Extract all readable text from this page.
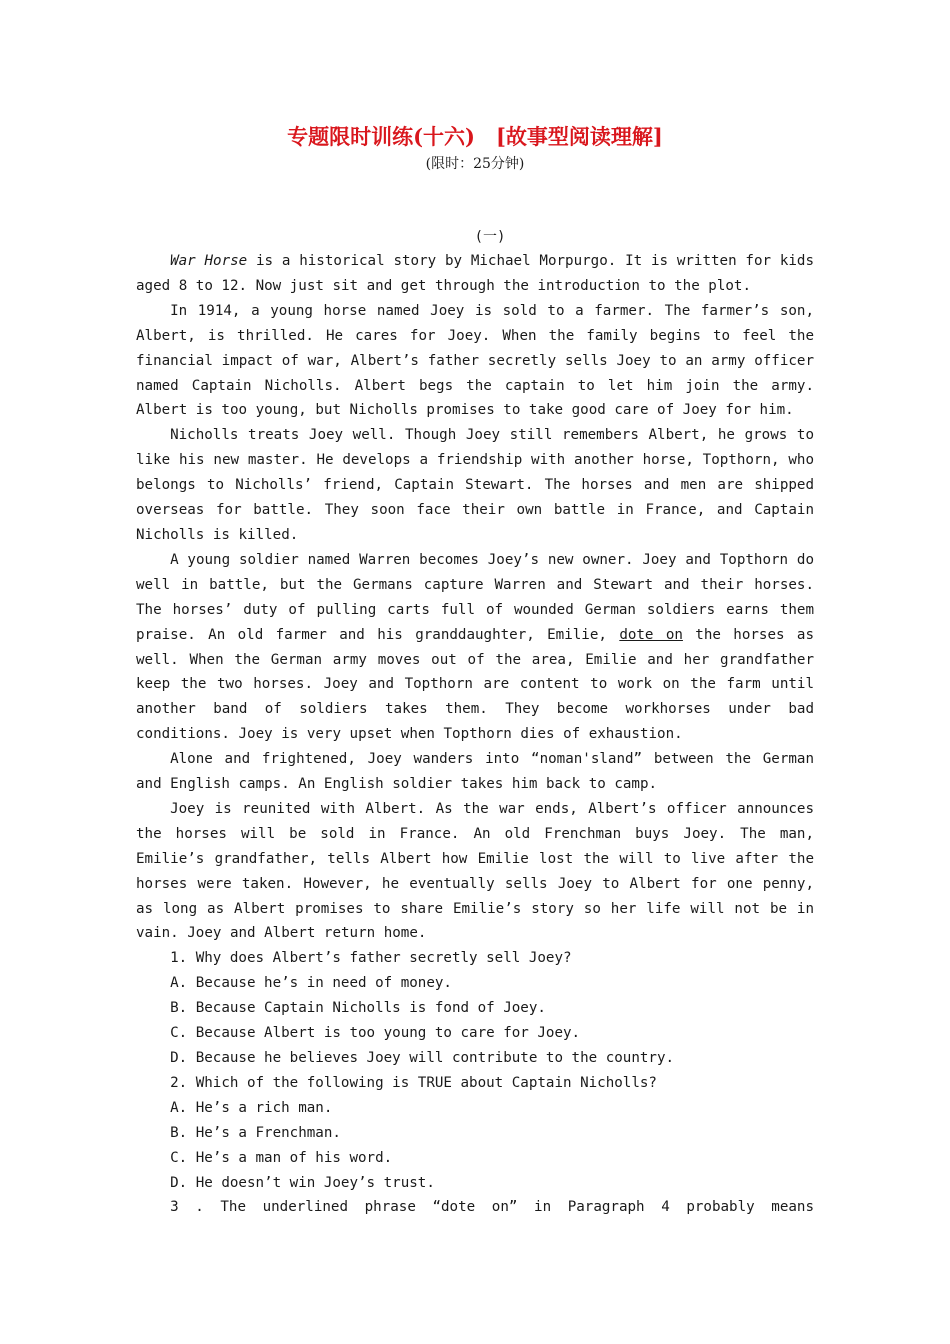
专题限时训练(十六)　[故事型阅读理解]
(限时：25分钟)
(一)

War Horse is a historical story by Michael Morpurgo. It is written for kids aged 8 to 12. Now just sit and get through the introduction to the plot.

In 1914, a young horse named Joey is sold to a farmer. The farmer’s son, Albert, is thrilled. He cares for Joey. When the family begins to feel the financial impact of war, Albert’s father secretly sells Joey to an army officer named Captain Nicholls. Albert begs the captain to let him join the army. Albert is too young, but Nicholls promises to take good care of Joey for him.

Nicholls treats Joey well. Though Joey still remembers Albert, he grows to like his new master. He develops a friendship with another horse, Topthorn, who belongs to Nicholls’ friend, Captain Stewart. The horses and men are shipped overseas for battle. They soon face their own battle in France, and Captain Nicholls is killed.

A young soldier named Warren becomes Joey’s new owner. Joey and Topthorn do well in battle, but the Germans capture Warren and Stewart and their horses. The horses’ duty of pulling carts full of wounded German soldiers earns them praise. An old farmer and his granddaughter, Emilie, dote on the horses as well. When the German army moves out of the area, Emilie and her grandfather keep the two horses. Joey and Topthorn are content to work on the farm until another band of soldiers takes them. They become workhorses under bad conditions. Joey is very upset when Topthorn dies of exhaustion.

Alone and frightened, Joey wanders into “noman'sland” between the German and English camps. An English soldier takes him back to camp.

Joey is reunited with Albert. As the war ends, Albert’s officer announces the horses will be sold in France. An old Frenchman buys Joey. The man, Emilie’s grandfather, tells Albert how Emilie lost the will to live after the horses were taken. However, he eventually sells Joey to Albert for one penny, as long as Albert promises to share Emilie’s story so her life will not be in vain. Joey and Albert return home.

1. Why does Albert’s father secretly sell Joey?

A. Because he’s in need of money.

B. Because Captain Nicholls is fond of Joey.

C. Because Albert is too young to care for Joey.

D. Because he believes Joey will contribute to the country.

2. Which of the following is TRUE about Captain Nicholls?

A. He’s a rich man.

B. He’s a Frenchman.

C. He’s a man of his word.

D. He doesn’t win Joey’s trust.

3 . The underlined phrase “dote on” in Paragraph 4 probably means
